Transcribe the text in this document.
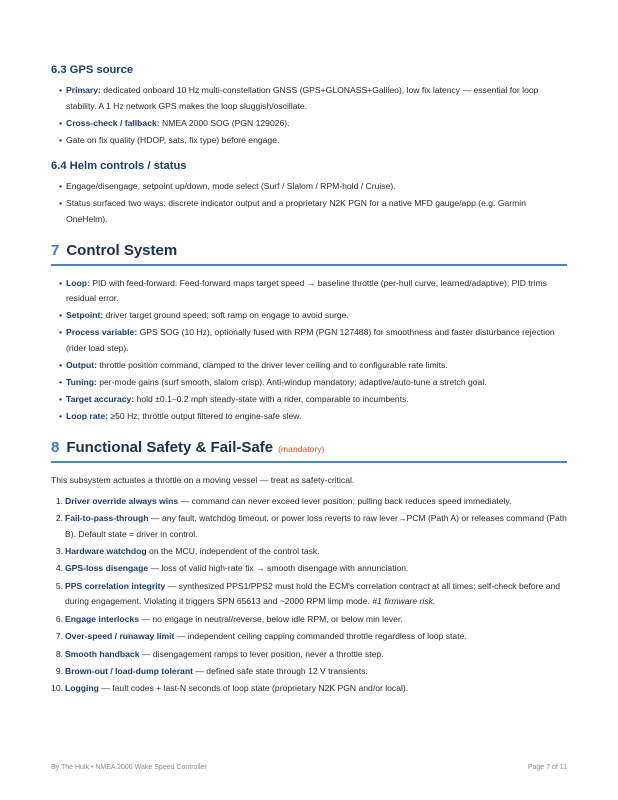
6.3 GPS source
• Primary: dedicated onboard 10 Hz multi-constellation GNSS (GPS+GLONASS+Galileo), low fix latency — essential for loop stability. A 1 Hz network GPS makes the loop sluggish/oscillate.
• Cross-check / fallback: NMEA 2000 SOG (PGN 129026).
• Gate on fix quality (HDOP, sats, fix type) before engage.
6.4 Helm controls / status
• Engage/disengage, setpoint up/down, mode select (Surf / Slalom / RPM-hold / Cruise).
• Status surfaced two ways: discrete indicator output and a proprietary N2K PGN for a native MFD gauge/app (e.g. Garmin OneHelm).
7 Control System
• Loop: PID with feed-forward. Feed-forward maps target speed → baseline throttle (per-hull curve, learned/adaptive); PID trims residual error.
• Setpoint: driver target ground speed; soft ramp on engage to avoid surge.
• Process variable: GPS SOG (10 Hz), optionally fused with RPM (PGN 127488) for smoothness and faster disturbance rejection (rider load step).
• Output: throttle position command, clamped to the driver lever ceiling and to configurable rate limits.
• Tuning: per-mode gains (surf smooth, slalom crisp). Anti-windup mandatory; adaptive/auto-tune a stretch goal.
• Target accuracy: hold ±0.1–0.2 mph steady-state with a rider, comparable to incumbents.
• Loop rate: ≥50 Hz; throttle output filtered to engine-safe slew.
8 Functional Safety & Fail-Safe (mandatory)

This subsystem actuates a throttle on a moving vessel — treat as safety-critical.

1. Driver override always wins — command can never exceed lever position; pulling back reduces speed immediately.
2. Fail-to-pass-through — any fault, watchdog timeout, or power loss reverts to raw lever→PCM (Path A) or releases command (Path B). Default state = driver in control.
3. Hardware watchdog on the MCU, independent of the control task.
4. GPS-loss disengage — loss of valid high-rate fix → smooth disengage with annunciation.
5. PPS correlation integrity — synthesized PPS1/PPS2 must hold the ECM's correlation contract at all times; self-check before and during engagement. Violating it triggers SPN 65613 and ~2000 RPM limp mode. #1 firmware risk.
6. Engage interlocks — no engage in neutral/reverse, below idle RPM, or below min lever.
7. Over-speed / runaway limit — independent ceiling capping commanded throttle regardless of loop state.
8. Smooth handback — disengagement ramps to lever position, never a throttle step.
9. Brown-out / load-dump tolerant — defined safe state through 12 V transients.
10. Logging — fault codes + last-N seconds of loop state (proprietary N2K PGN and/or local).
By The Hulk • NMEA 2000 Wake Speed Controller	Page 7 of 11
